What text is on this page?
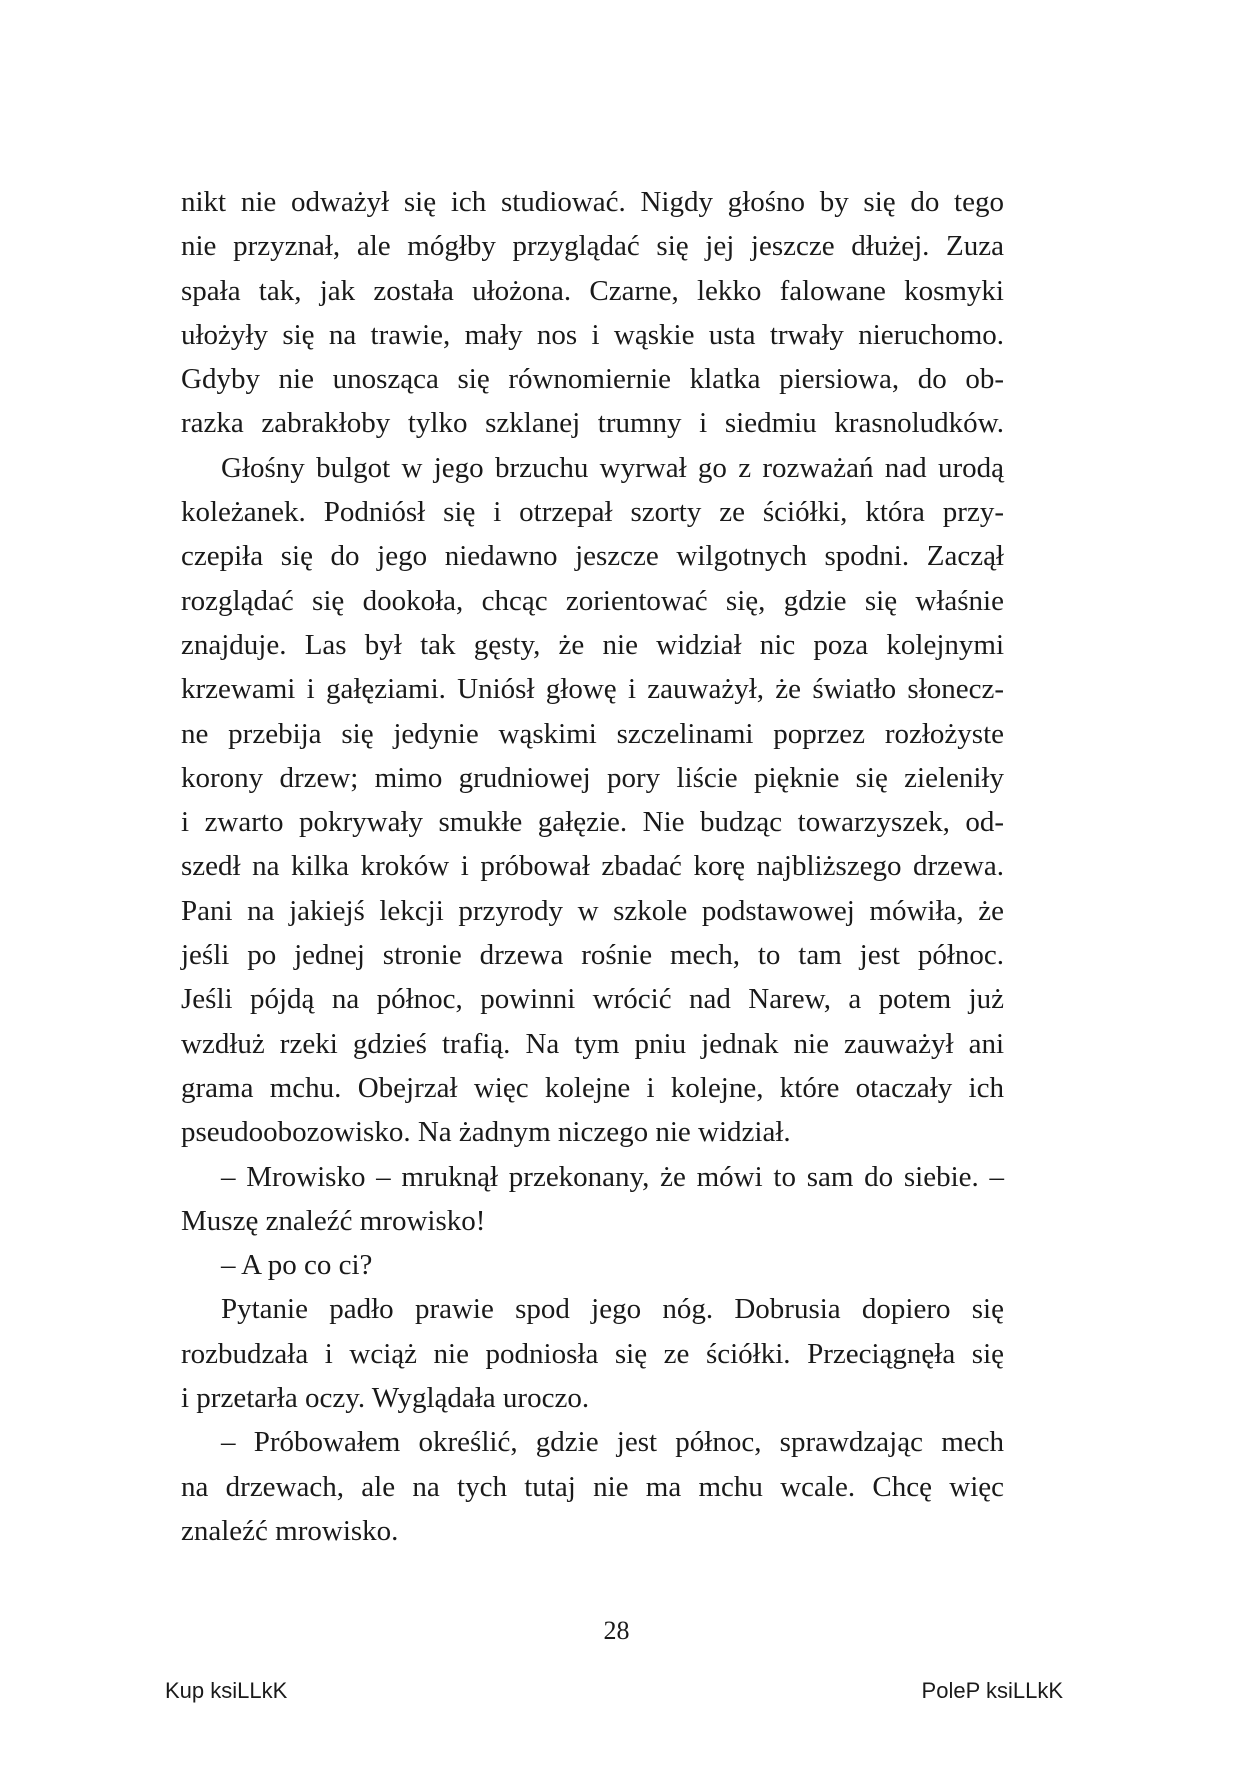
nikt nie odważył się ich studiować. Nigdy głośno by się do tego
nie przyznał, ale mógłby przyglądać się jej jeszcze dłużej. Zuza
spała tak, jak została ułożona. Czarne, lekko falowane kosmyki
ułożyły się na trawie, mały nos i wąskie usta trwały nieruchomo.
Gdyby nie unosząca się równomiernie klatka piersiowa, do ob-
razka zabrakłoby tylko szklanej trumny i siedmiu krasnoludków.
Głośny bulgot w jego brzuchu wyrwał go z rozważań nad urodą
koleżanek. Podniósł się i otrzepał szorty ze ściółki, która przy-
czepiła się do jego niedawno jeszcze wilgotnych spodni. Zaczął
rozglądać się dookoła, chcąc zorientować się, gdzie się właśnie
znajduje. Las był tak gęsty, że nie widział nic poza kolejnymi
krzewami i gałęziami. Uniósł głowę i zauważył, że światło słonecz-
ne przebija się jedynie wąskimi szczelinami poprzez rozłożyste
korony drzew; mimo grudniowej pory liście pięknie się zieleniły
i zwarto pokrywały smukłe gałęzie. Nie budząc towarzyszek, od-
szedł na kilka kroków i próbował zbadać korę najbliższego drzewa.
Pani na jakiejś lekcji przyrody w szkole podstawowej mówiła, że
jeśli po jednej stronie drzewa rośnie mech, to tam jest północ.
Jeśli pójdą na północ, powinni wrócić nad Narew, a potem już
wzdłuż rzeki gdzieś trafią. Na tym pniu jednak nie zauważył ani
grama mchu. Obejrzał więc kolejne i kolejne, które otaczały ich
pseudoobozowisko. Na żadnym niczego nie widział.
– Mrowisko – mruknął przekonany, że mówi to sam do siebie. –
Muszę znaleźć mrowisko!
– A po co ci?
Pytanie padło prawie spod jego nóg. Dobrusia dopiero się
rozbudzała i wciąż nie podniosła się ze ściółki. Przeciągnęła się
i przetarła oczy. Wyglądała uroczo.
– Próbowałem określić, gdzie jest północ, sprawdzając mech
na drzewach, ale na tych tutaj nie ma mchu wcale. Chcę więc
znaleźć mrowisko.
28
Kup ksiLLkK	PoleP ksiLLkK
